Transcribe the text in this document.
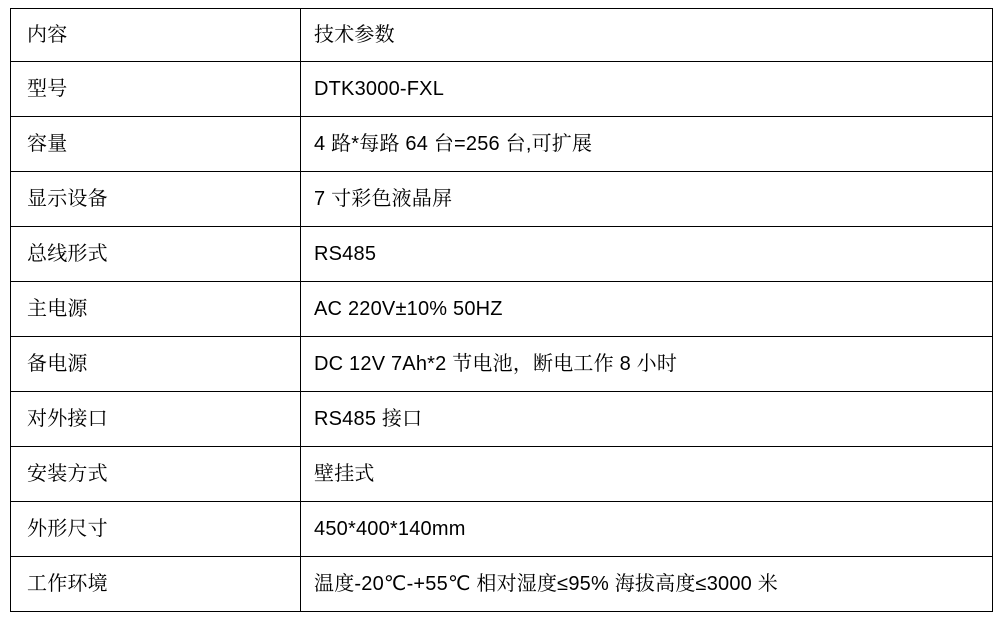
内容	技术参数
型号	DTK3000-FXL
容量	4 路*每路 64 台=256 台,可扩展
显示设备	7 寸彩色液晶屏
总线形式	RS485
主电源	AC 220V±10% 50HZ
备电源	DC 12V 7Ah*2 节电池，断电工作 8 小时
对外接口	RS485 接口
安装方式	壁挂式
外形尺寸	450*400*140mm
工作环境	温度-20℃-+55℃ 相对湿度≤95% 海拔高度≤3000 米
